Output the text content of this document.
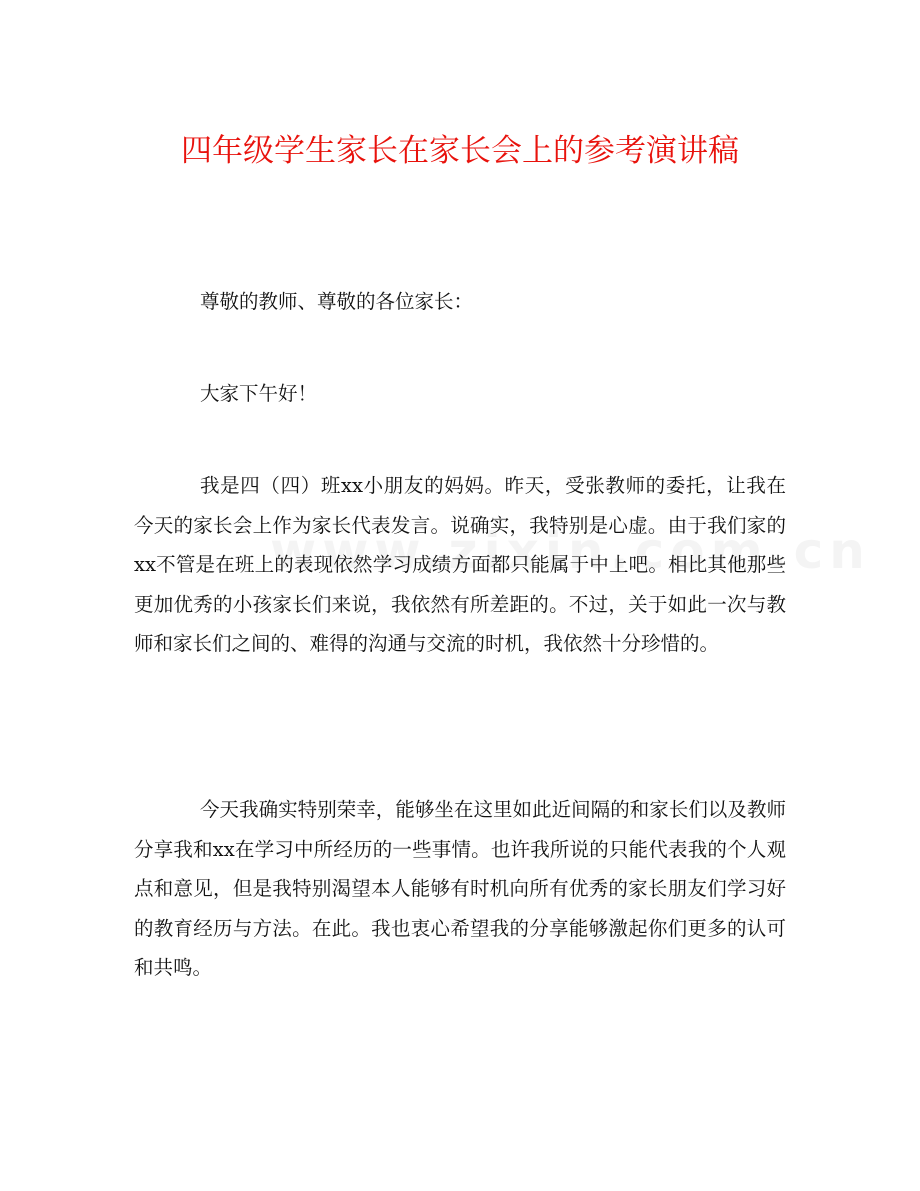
四年级学生家长在家长会上的参考演讲稿

尊敬的教师、尊敬的各位家长：

大家下午好！

我是四（四）班xx小朋友的妈妈。昨天，受张教师的委托，让我在今天的家长会上作为家长代表发言。说确实，我特别是心虚。由于我们家的xx不管是在班上的表现依然学习成绩方面都只能属于中上吧。相比其他那些更加优秀的小孩家长们来说，我依然有所差距的。不过，关于如此一次与教师和家长们之间的、难得的沟通与交流的时机，我依然十分珍惜的。

今天我确实特别荣幸，能够坐在这里如此近间隔的和家长们以及教师分享我和xx在学习中所经历的一些事情。也许我所说的只能代表我的个人观点和意见，但是我特别渴望本人能够有时机向所有优秀的家长朋友们学习好的教育经历与方法。在此。我也衷心希望我的分享能够激起你们更多的认可和共鸣。
